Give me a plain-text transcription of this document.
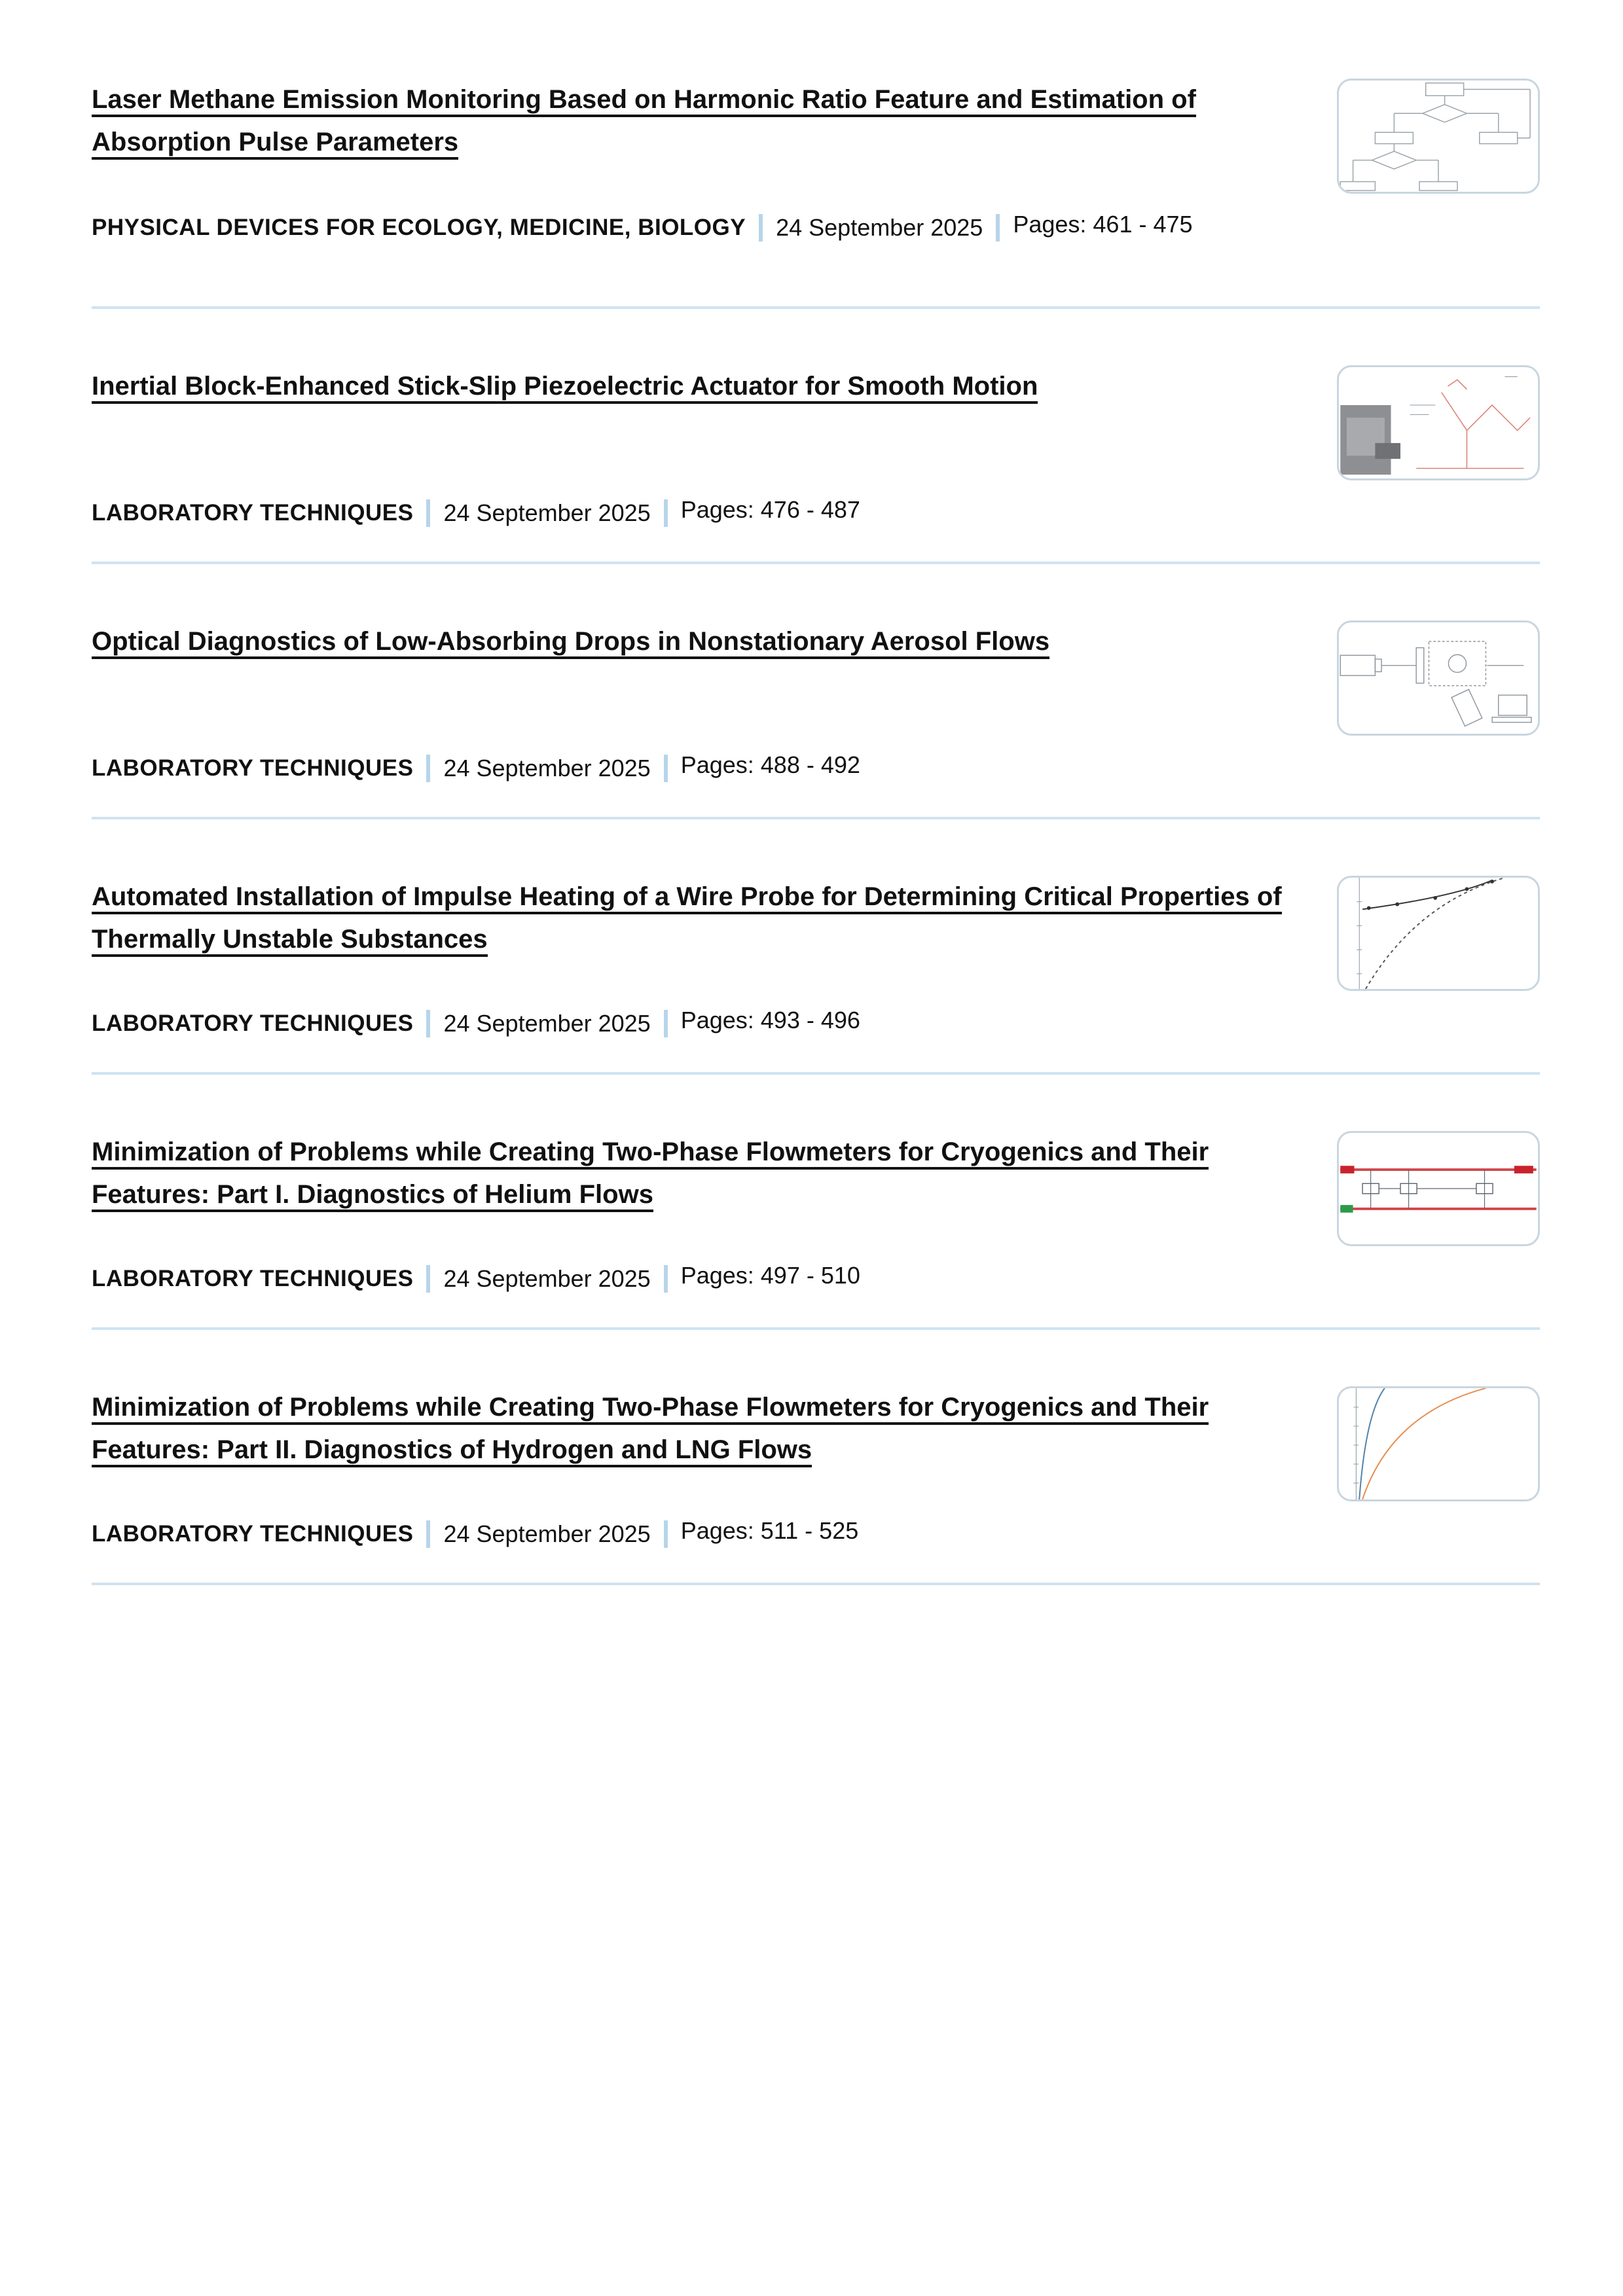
Laser Methane Emission Monitoring Based on Harmonic Ratio Feature and Estimation of Absorption Pulse Parameters
PHYSICAL DEVICES FOR ECOLOGY, MEDICINE, BIOLOGY 24 September 2025 Pages: 461 - 475
Inertial Block-Enhanced Stick-Slip Piezoelectric Actuator for Smooth Motion
LABORATORY TECHNIQUES 24 September 2025 Pages: 476 - 487
Optical Diagnostics of Low-Absorbing Drops in Nonstationary Aerosol Flows
LABORATORY TECHNIQUES 24 September 2025 Pages: 488 - 492
Automated Installation of Impulse Heating of a Wire Probe for Determining Critical Properties of Thermally Unstable Substances
LABORATORY TECHNIQUES 24 September 2025 Pages: 493 - 496
Minimization of Problems while Creating Two-Phase Flowmeters for Cryogenics and Their Features: Part I. Diagnostics of Helium Flows
LABORATORY TECHNIQUES 24 September 2025 Pages: 497 - 510
Minimization of Problems while Creating Two-Phase Flowmeters for Cryogenics and Their Features: Part II. Diagnostics of Hydrogen and LNG Flows
LABORATORY TECHNIQUES 24 September 2025 Pages: 511 - 525
